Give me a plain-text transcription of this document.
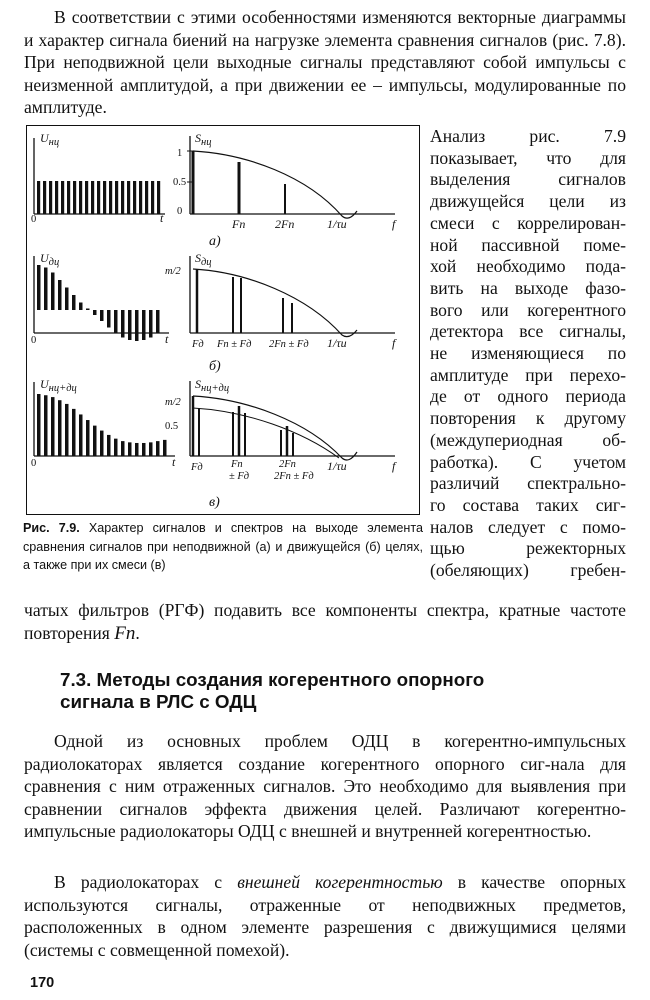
В соответствии с этими особенностями изменяются векторные диаграммы и характер сигнала биений на нагрузке элемента сравнения сигналов (рис. 7.8). При неподвижной цели выходные сигналы представляют собой импульсы с неизменной амплитудой, а при движении ее – импульсы, модулированные по амплитуде.

Uнц
0	t
Sнц
1
0.5
0
Fп 2Fп	1/τи	f
а)
Uдц
0	t
Sдц
m/2
Fд Fп ± Fд 2Fп ± Fд 1/τи	f
б)
Uнц+дц
0	t
Sнц+дц
m/2
0.5
Fд	Fп
± Fд
2Fп
2Fп ± Fд
1/τи	f
в)
Рис. 7.9. Характер сигналов и спектров на выходе элемента сравнения сигналов при неподвижной (а) и движущейся (б) целях, а также при их смеси (в)
Анализ рис. 7.9
показывает, что для
выделения сигналов
движущейся цели из
смеси с коррелирован-
ной пассивной поме-
хой необходимо пода-
вить на выходе фазо-
вого или когерентного
детектора все сигналы,
не изменяющиеся по
амплитуде при перехо-
де от одного периода
повторения к другому
(междупериодная об-
работка). С учетом
различий спектрально-
го состава таких сиг-
налов следует с помо-
щью режекторных
(обеляющих) гребен-

чатых фильтров (РГФ) подавить все компоненты спектра, кратные частоте повторения Fп.

7.3. Методы создания когерентного опорного
сигнала в РЛС с ОДЦ

Одной из основных проблем ОДЦ в когерентно-импульсных радиолокаторах является создание когерентного опорного сиг-нала для сравнения с ним отраженных сигналов. Это необходимо для выявления при сравнении сигналов эффекта движения целей. Различают когерентно-импульсные радиолокаторы ОДЦ с внешней и внутренней когерентностью.

В радиолокаторах с внешней когерентностью в качестве опорных используются сигналы, отраженные от неподвижных предметов, расположенных в одном элементе разрешения с движущимися целями (системы с совмещенной помехой).

170
